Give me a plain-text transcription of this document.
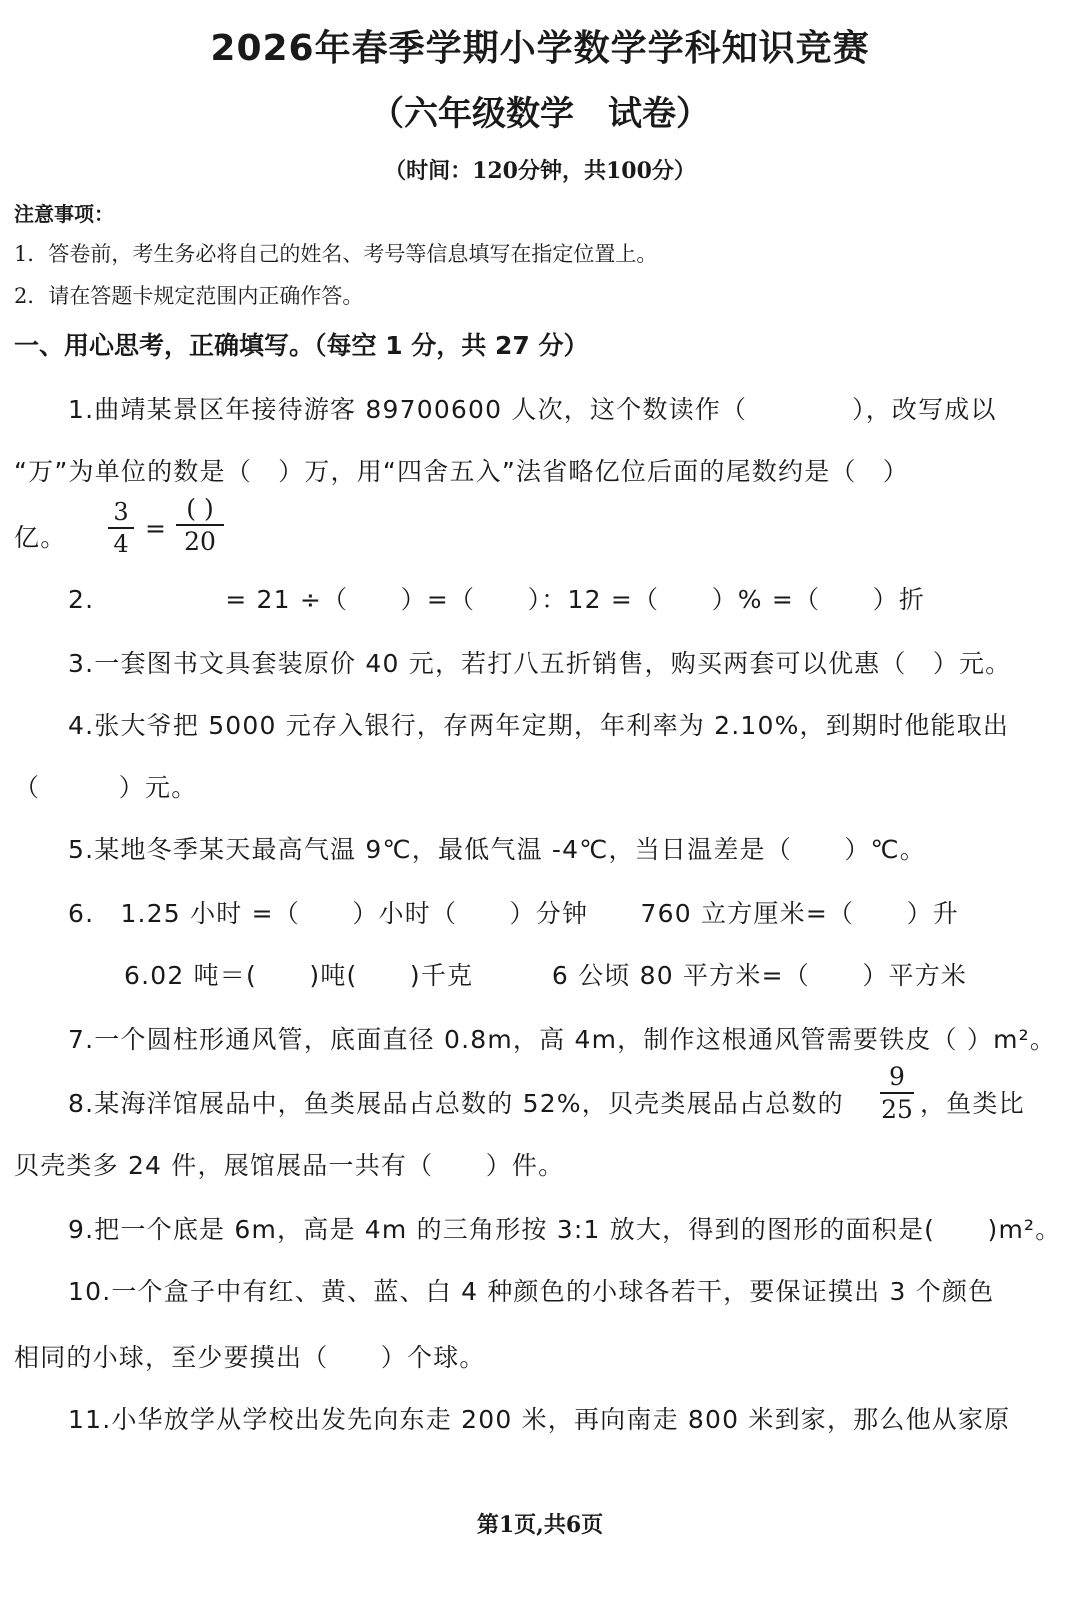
2026年春季学期小学数学学科知识竞赛
（六年级数学　试卷）
（时间：120分钟，共100分）
注意事项：
1．答卷前，考生务必将自己的姓名、考号等信息填写在指定位置上。
2．请在答题卡规定范围内正确作答。
一、用心思考，正确填写。（每空 1 分，共 27 分）
1.曲靖某景区年接待游客 89700600 人次，这个数读作（　　　　），改写成以
“万”为单位的数是（　）万，用“四舍五入”法省略亿位后面的尾数约是（　）
亿。
3
4
=
( )
20
2.　　　　　= 21 ÷（　　）=（　　）：12 =（　　）% =（　　）折
3.一套图书文具套装原价 40 元，若打八五折销售，购买两套可以优惠（　）元。
4.张大爷把 5000 元存入银行，存两年定期，年利率为 2.10%，到期时他能取出
（　　　）元。
5.某地冬季某天最高气温 9℃，最低气温 -4℃，当日温差是（　　）℃。
6.　1.25 小时 =（　　）小时（　　）分钟　　760 立方厘米=（　　）升
6.02 吨＝(　　)吨(　　)千克　　　6 公顷 80 平方米=（　　）平方米
7.一个圆柱形通风管，底面直径 0.8m，高 4m，制作这根通风管需要铁皮（ ）m²。
8.某海洋馆展品中，鱼类展品占总数的 52%，贝壳类展品占总数的
9
25 ，鱼类比
贝壳类多 24 件，展馆展品一共有（　　）件。
9.把一个底是 6m，高是 4m 的三角形按 3:1 放大，得到的图形的面积是(　　)m²。
10.一个盒子中有红、黄、蓝、白 4 种颜色的小球各若干，要保证摸出 3 个颜色
相同的小球，至少要摸出（　　）个球。
11.小华放学从学校出发先向东走 200 米，再向南走 800 米到家，那么他从家原
第1页,共6页
